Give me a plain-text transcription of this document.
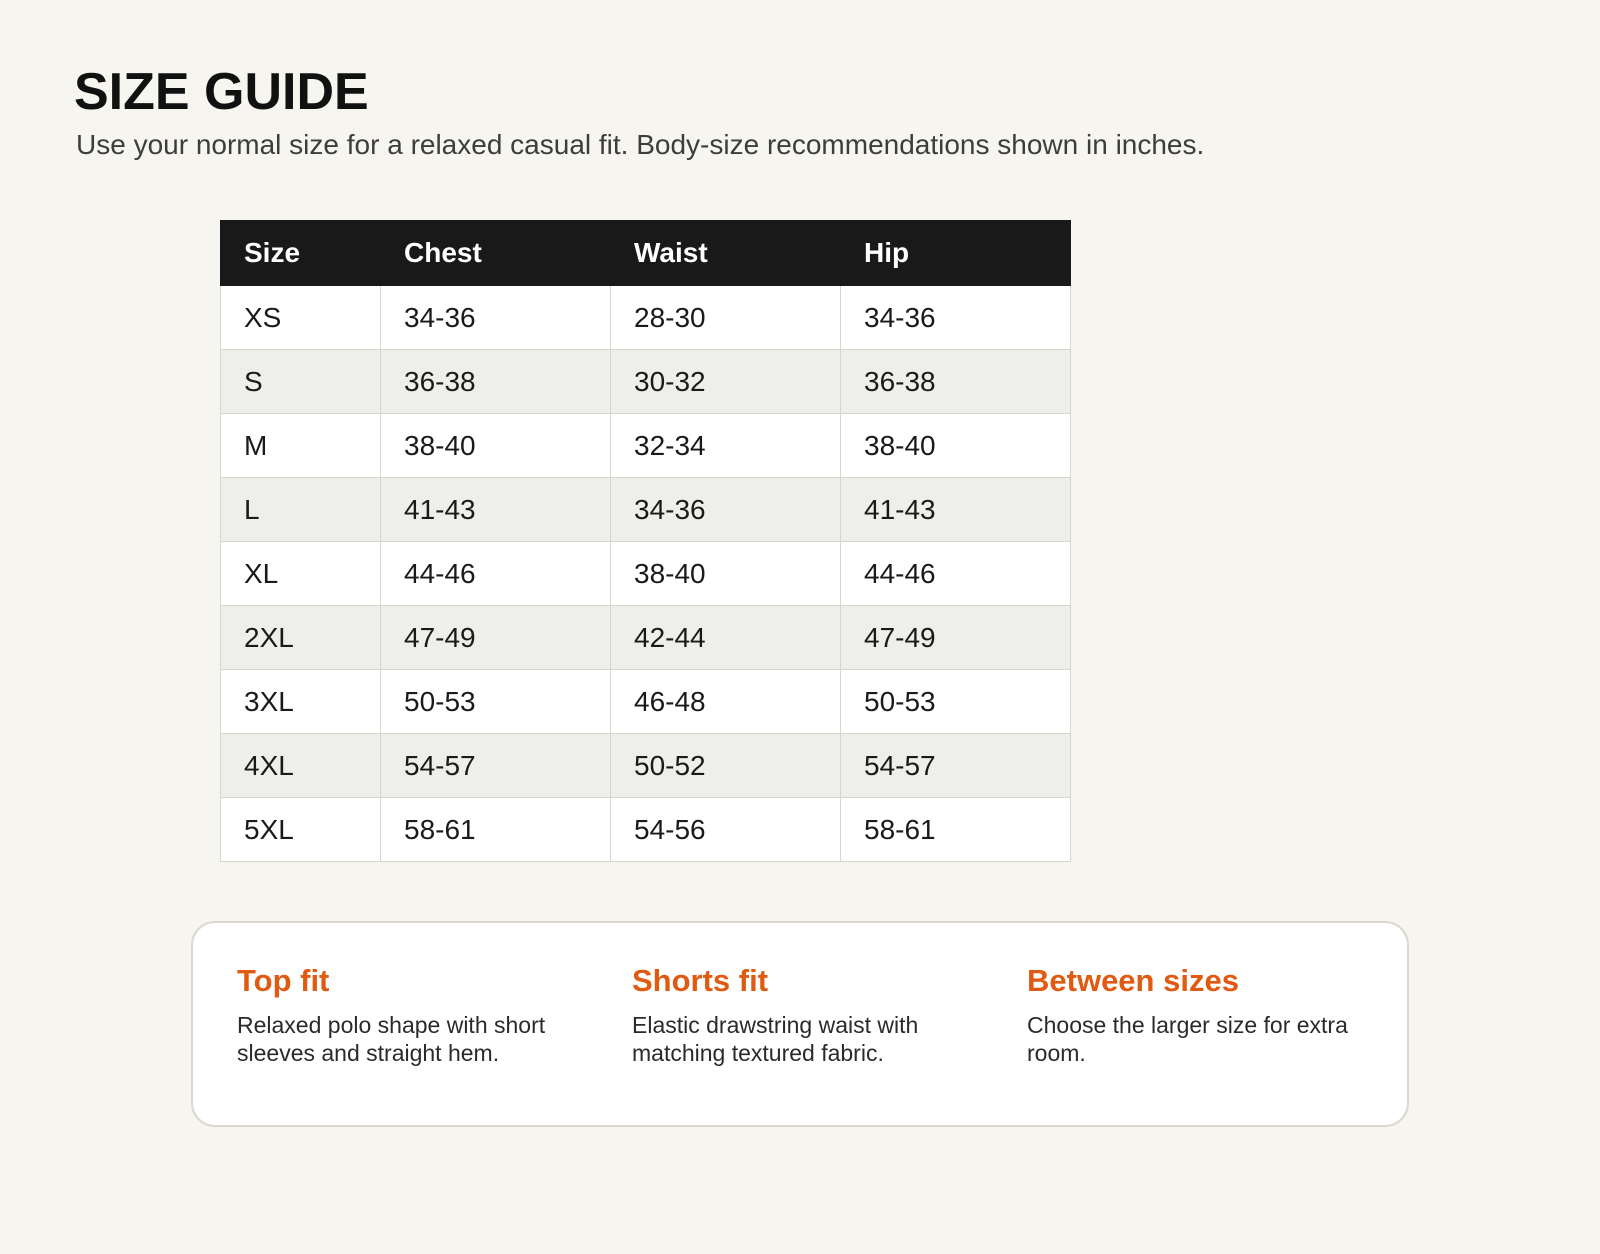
SIZE GUIDE

Use your normal size for a relaxed casual fit. Body-size recommendations shown in inches.

Size	Chest	Waist	Hip
XS	34-36	28-30	34-36
S	36-38	30-32	36-38
M	38-40	32-34	38-40
L	41-43	34-36	41-43
XL	44-46	38-40	44-46
2XL	47-49	42-44	47-49
3XL	50-53	46-48	50-53
4XL	54-57	50-52	54-57
5XL	58-61	54-56	58-61
Top fit

Relaxed polo shape with short sleeves and straight hem.

Shorts fit

Elastic drawstring waist with matching textured fabric.

Between sizes

Choose the larger size for extra room.
